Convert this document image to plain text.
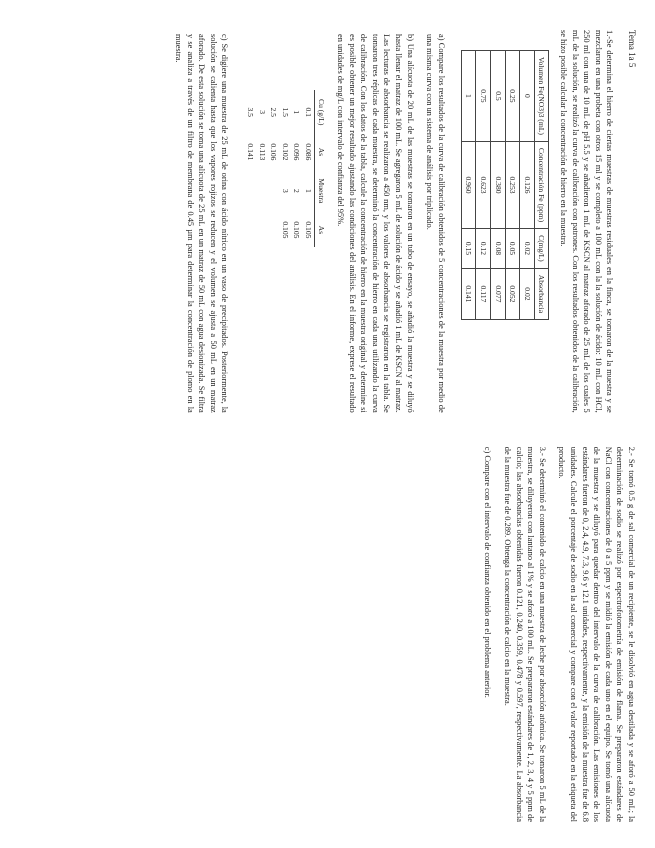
Tema 1a 5

1.-Se determina el hierro de ciertas muestras de muestras residuales en la finca, se tomaron de la muestra y se mezclaron en una probeta con otros 15 ml y se completo a 100 mL con la la solución de ácido: 10 mL con HCl, 250 ml con una de 10 mL de pH 5.5 y se añadieron 1 mL de KSCN al matraz aforado de 25 mL de los cuales 5 mL de la solución, se realizó la curva de calibración con patrones. Con los resultados obtenidos de la calibración, se hizo posible calcular la concentración de hierro en la muestra.

Volumen Fe(NO3)3 (mL)	Concentración Fe (ppm)	C(mg/L)	Absorbancia
0	0.126	0.02	0.02
0.25	0.253	0.05	0.052
0.5	0.380	0.08	0.077
0.75	0.623	0.12	0.117
1	0.960	0.15	0.141

a) Compare los resultados de la curva de calibración obtenidos de 5 concentraciones de la muestra por medio de una misma curva con un sistema de análisis por triplicado.

b) Una alícuota de 20 mL de las muestras se tomaron en un tubo de ensayo, se añadió la muestra y se diluyó hasta llenar el matraz de 100 mL. Se agregaron 5 mL de solución de ácido y se añadió 1 mL de KSCN al matraz. Las lecturas de absorbancia se realizaron a 450 nm, y los valores de absorbancia se registraron en la tabla. Se tomaron tres réplicas de cada muestra, se determinó la concentración de hierro en cada una utilizando la curva de calibración. Con los datos de la tabla, calcule la concentración de hierro en la muestra original y determine si es posible obtener un mejor resultado ajustando las condiciones del análisis. En el informe, exprese el resultado en unidades de mg/L con intervalo de confianza del 95%.

Cu (g/L)	As	Muestra	As
0.1	0.086	1	0.105
1	0.096	2	0.105
1.5	0.102	3	0.105
2.5	0.106		
3	0.113		
3.5	0.141		

c) Se digiere una muestra de 25 mL de orina con ácido nítrico en un vaso de precipitados. Posteriormente, la solución se calienta hasta que los vapores rojizos se reducen y el volumen se ajusta a 50 mL en un matraz aforado. De esta solución se toma una alícuota de 25 mL en un matraz de 50 mL con agua desionizada. Se filtra y se analiza a través de un filtro de membrana de 0.45 µm para determinar la concentración de plomo en la muestra.

2.- Se tomó 0.5 g de sal comercial de un recipiente, se le disolvió en agua destilada y se aforó a 50 mL; la determinación de sodio se realizó por espectrofotometría de emisión de flama. Se prepararon estándares de NaCl con concentraciones de 0 a 5 ppm y se midió la emisión de cada uno en el equipo. Se tomó una alícuota de la muestra y se diluyó para quedar dentro del intervalo de la curva de calibración. Las emisiones de los estándares fueron de 0, 2.4, 4.9, 7.3, 9.6 y 12.1 unidades, respectivamente, y la emisión de la muestra fue de 6.8 unidades. Calcule el porcentaje de sodio en la sal comercial y compare con el valor reportado en la etiqueta del producto.

3.- Se determinó el contenido de calcio en una muestra de leche por absorción atómica. Se tomaron 5 mL de la muestra, se diluyeron con lantano al 1% y se aforó a 100 mL. Se prepararon estándares de 1, 2, 3, 4 y 5 ppm de calcio; las absorbancias obtenidas fueron 0.121, 0.240, 0.359, 0.478 y 0.597, respectivamente. La absorbancia de la muestra fue de 0.289. Obtenga la concentración de calcio en la muestra.

c) Compare con el intervalo de confianza obtenido en el problema anterior.
